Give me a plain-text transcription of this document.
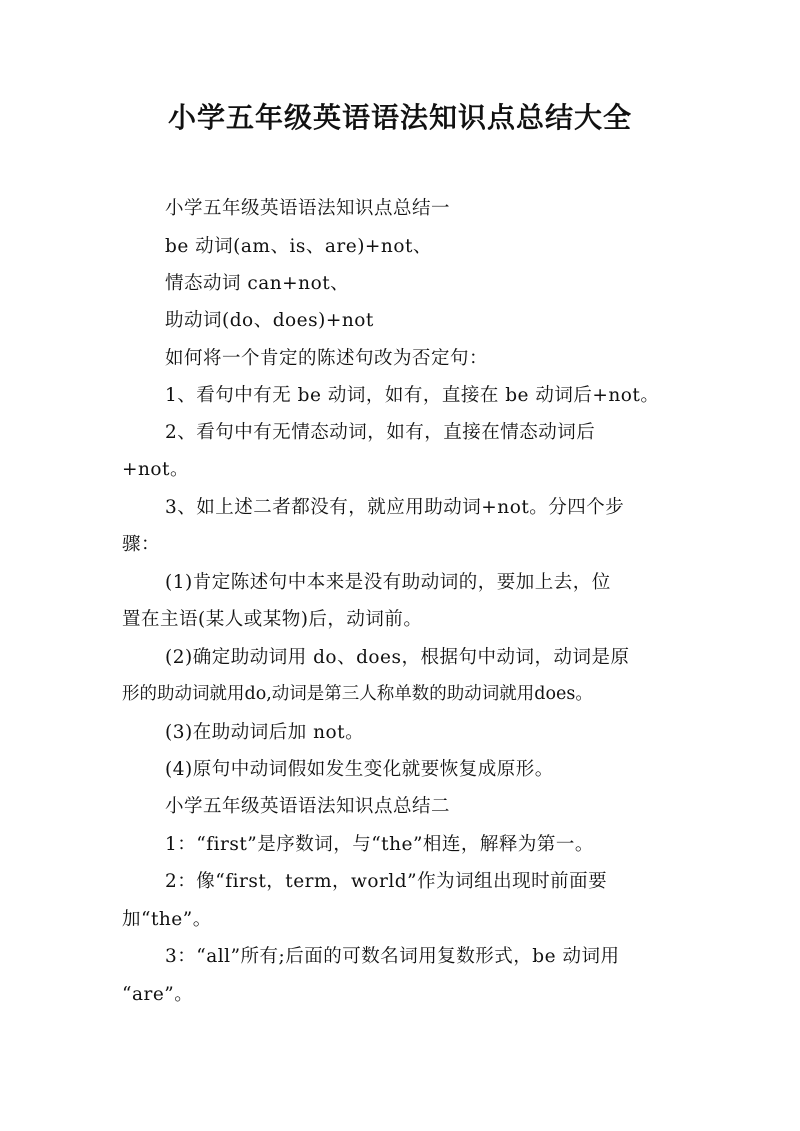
小学五年级英语语法知识点总结大全
小学五年级英语语法知识点总结一
be 动词(am、is、are)+not、
情态动词 can+not、
助动词(do、does)+not
如何将一个肯定的陈述句改为否定句：
1、看句中有无 be 动词，如有，直接在 be 动词后+not。
2、看句中有无情态动词，如有，直接在情态动词后
+not。
3、如上述二者都没有，就应用助动词+not。分四个步
骤：
(1)肯定陈述句中本来是没有助动词的，要加上去，位
置在主语(某人或某物)后，动词前。
(2)确定助动词用 do、does，根据句中动词，动词是原
形的助动词就用do,动词是第三人称单数的助动词就用does。
(3)在助动词后加 not。
(4)原句中动词假如发生变化就要恢复成原形。
小学五年级英语语法知识点总结二
1：“first”是序数词，与“the”相连，解释为第一。
2：像“first，term，world”作为词组出现时前面要
加“the”。
3：“all”所有;后面的可数名词用复数形式，be 动词用
“are”。
